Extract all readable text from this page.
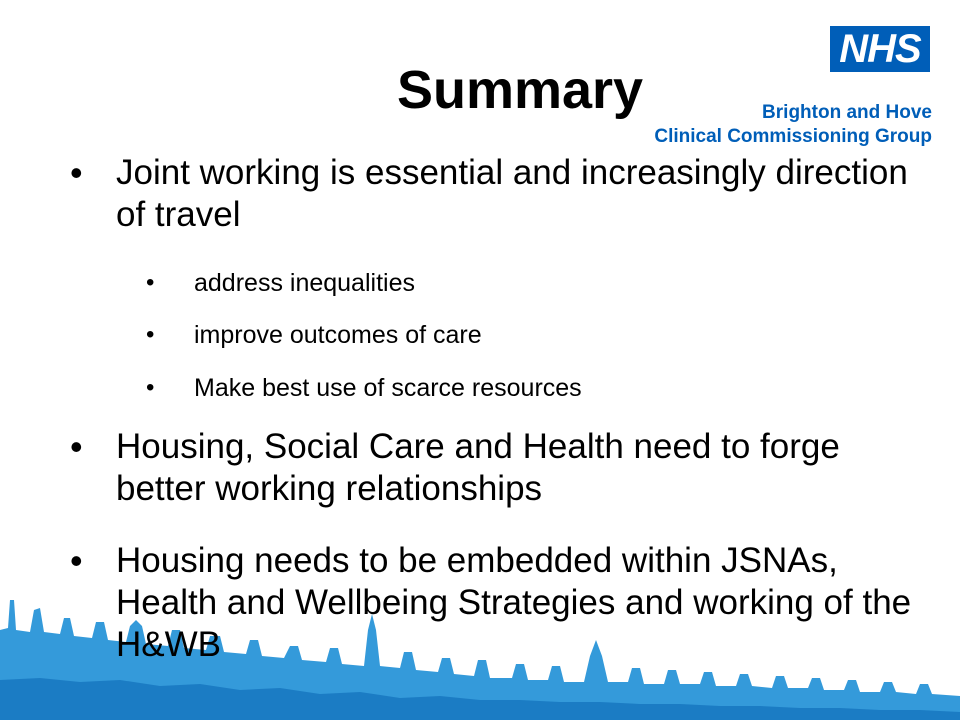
NHS
Brighton and Hove
Clinical Commissioning Group
Summary
• Joint working is essential and increasingly direction of travel
• address inequalities
• improve outcomes of care
• Make best use of scarce resources
• Housing, Social Care and Health need to forge better working relationships
• Housing needs to be embedded within JSNAs, Health and Wellbeing Strategies and working of the H&WB
